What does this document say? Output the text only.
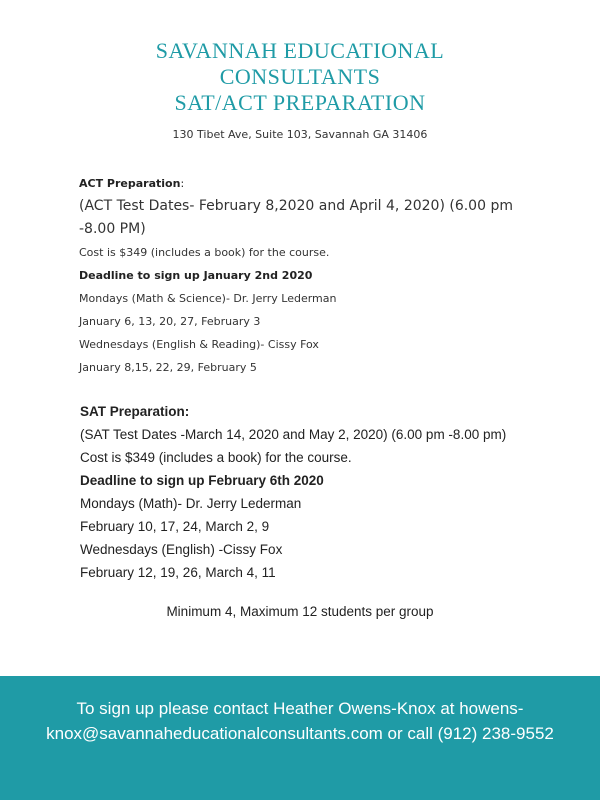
SAVANNAH EDUCATIONAL
CONSULTANTS
SAT/ACT PREPARATION
130 Tibet Ave, Suite 103, Savannah GA 31406
ACT Preparation:
(ACT Test Dates- February 8,2020 and April 4, 2020) (6.00 pm -8.00 PM)
Cost is $349 (includes a book) for the course.
Deadline to sign up January 2nd 2020
Mondays (Math & Science)- Dr. Jerry Lederman
January 6, 13, 20, 27, February 3
Wednesdays (English & Reading)- Cissy Fox
January 8,15, 22, 29, February 5
SAT Preparation:
(SAT Test Dates -March 14, 2020 and May 2, 2020) (6.00 pm -8.00 pm)
Cost is $349 (includes a book) for the course.
Deadline to sign up February 6th 2020
Mondays (Math)- Dr. Jerry Lederman
February 10, 17, 24, March 2, 9
Wednesdays (English) -Cissy Fox
February 12, 19, 26, March 4, 11
Minimum 4, Maximum 12 students per group
To sign up please contact Heather Owens-Knox at howens-knox@savannaheducationalconsultants.com or call (912) 238-9552
